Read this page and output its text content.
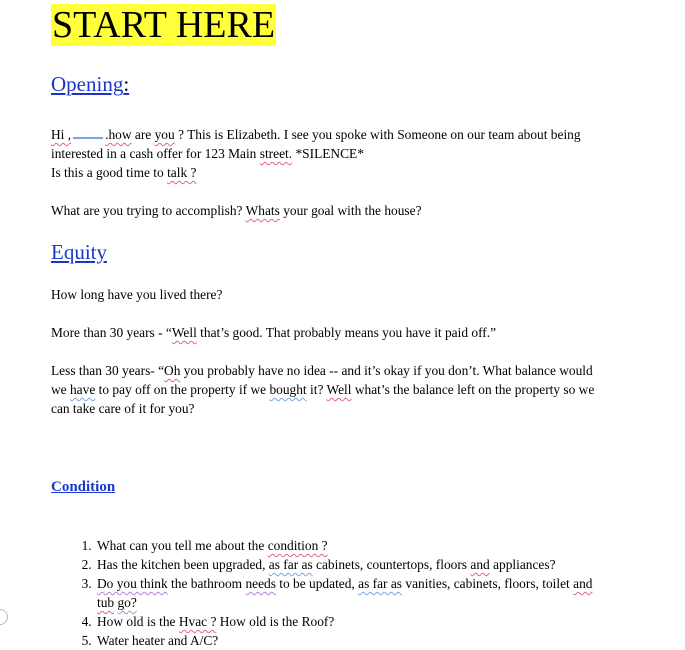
START HERE
Opening:
Hi ,	.how are you ? This is Elizabeth. I see you spoke with Someone on our team about being interested in a cash offer for 123 Main street. *SILENCE*
Is this a good time to talk ?
What are you trying to accomplish? Whats your goal with the house?
Equity
How long have you lived there?
More than 30 years - “Well that’s good. That probably means you have it paid off.”
Less than 30 years- “Oh you probably have no idea -- and it’s okay if you don’t. What balance would we have to pay off on the property if we bought it? Well what’s the balance left on the property so we can take care of it for you?
Condition
1. What can you tell me about the condition ?
2. Has the kitchen been upgraded, as far as cabinets, countertops, floors and appliances?
3. Do you think the bathroom needs to be updated, as far as vanities, cabinets, floors, toilet and tub go?
4. How old is the Hvac ? How old is the Roof?
5. Water heater and A/C?
